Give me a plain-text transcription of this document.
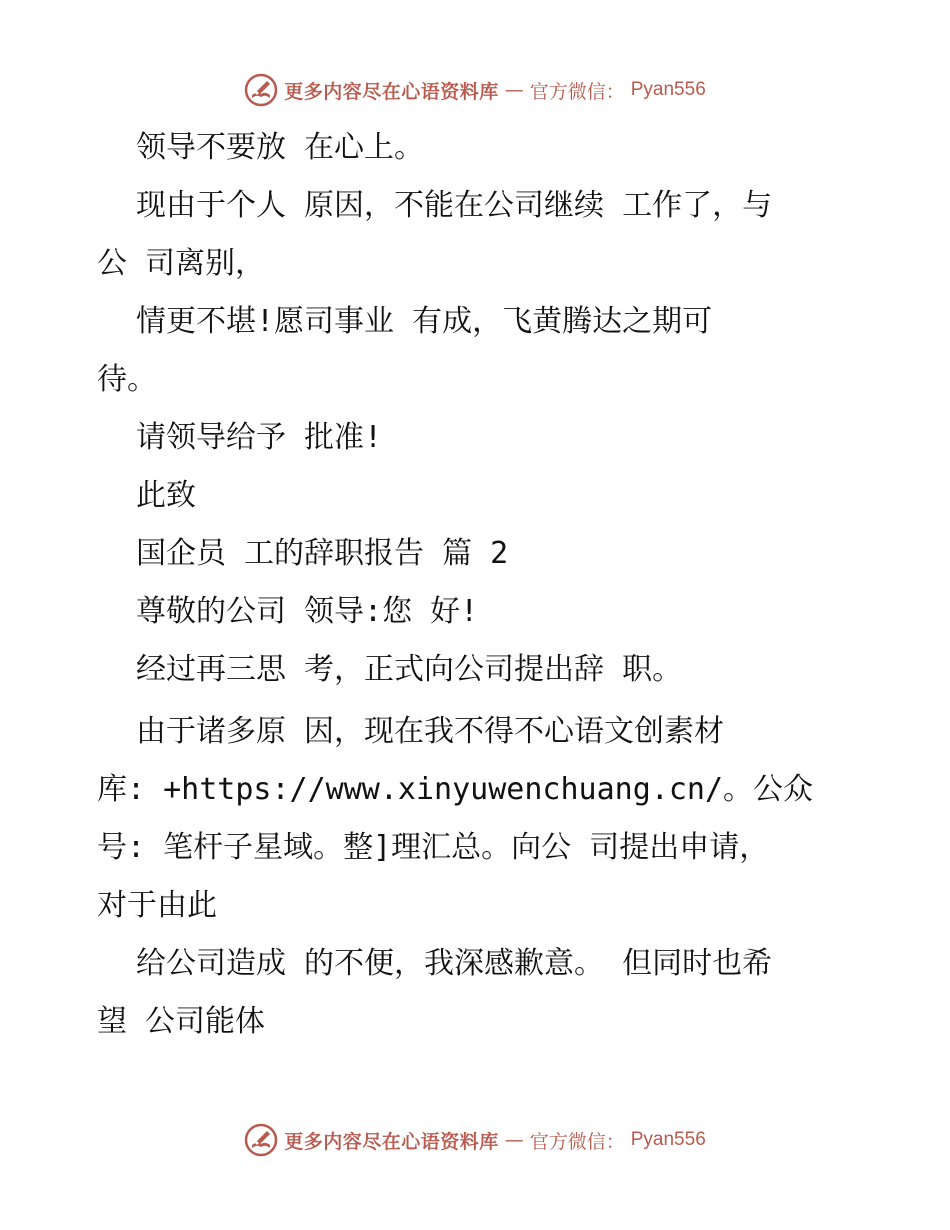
更多内容尽在心语资料库 — 官方微信： Pyan556
领导不要放 在心上。
现由于个人 原因，不能在公司继续 工作了，与
公 司离别，
情更不堪!愿司事业 有成，飞黄腾达之期可
待。
请领导给予 批准!
此致
国企员 工的辞职报告 篇 2
尊敬的公司 领导:您 好!
经过再三思 考，正式向公司提出辞 职。
由于诸多原 因，现在我不得不心语文创素材
库: +https://www.xinyuwenchuang.cn/。公众
号: 笔杆子星域。整]理汇总。向公 司提出申请，
对于由此
给公司造成 的不便，我深感歉意。 但同时也希
望 公司能体
更多内容尽在心语资料库 — 官方微信： Pyan556
